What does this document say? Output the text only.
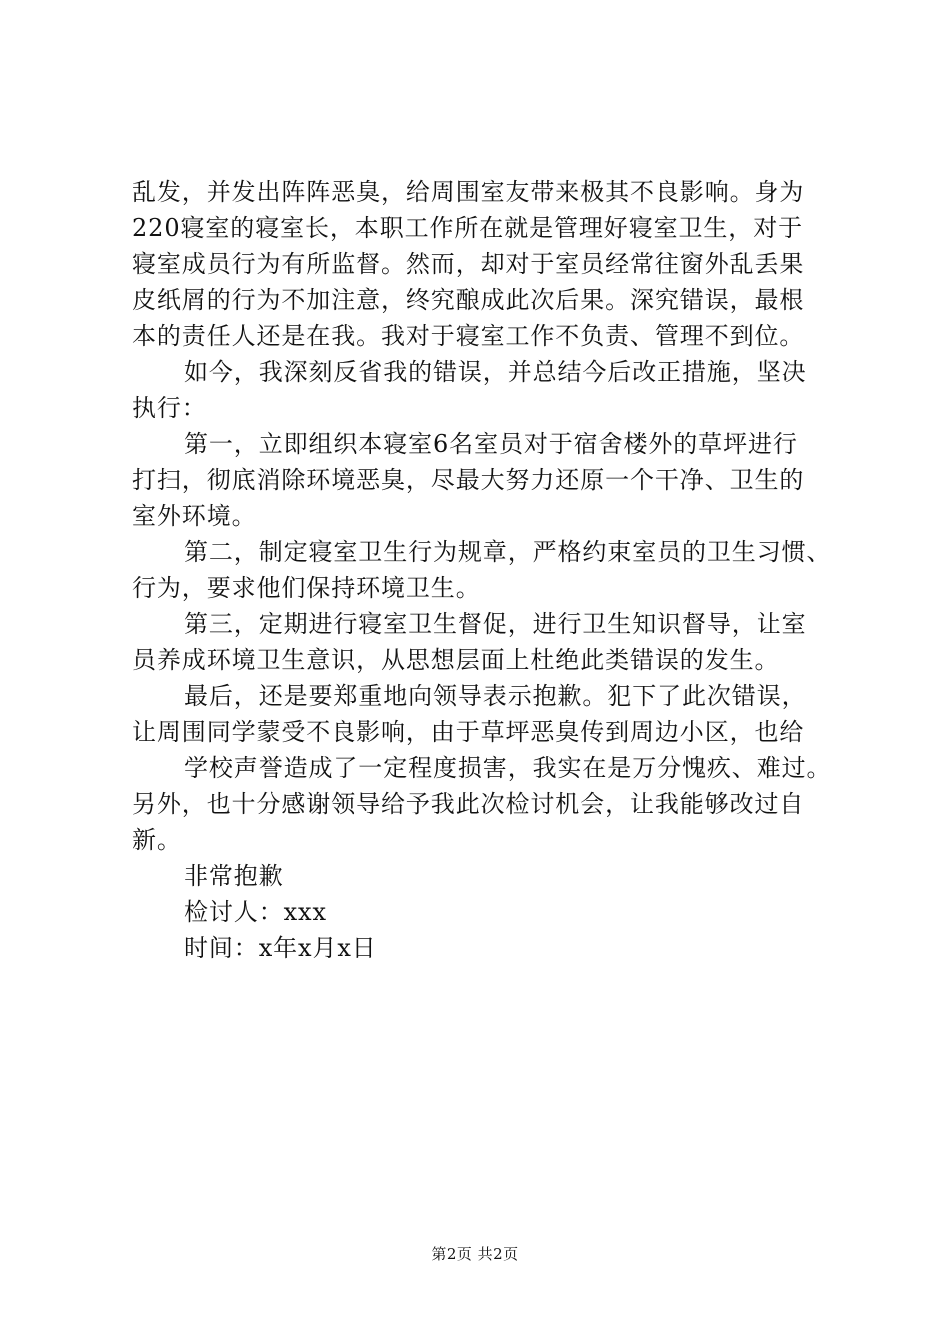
乱发，并发出阵阵恶臭，给周围室友带来极其不良影响。身为
220寝室的寝室长，本职工作所在就是管理好寝室卫生，对于
寝室成员行为有所监督。然而，却对于室员经常往窗外乱丢果
皮纸屑的行为不加注意，终究酿成此次后果。深究错误，最根
本的责任人还是在我。我对于寝室工作不负责、管理不到位。
如今，我深刻反省我的错误，并总结今后改正措施，坚决
执行：
第一，立即组织本寝室6名室员对于宿舍楼外的草坪进行
打扫，彻底消除环境恶臭，尽最大努力还原一个干净、卫生的
室外环境。
第二，制定寝室卫生行为规章，严格约束室员的卫生习惯、
行为，要求他们保持环境卫生。
第三，定期进行寝室卫生督促，进行卫生知识督导，让室
员养成环境卫生意识，从思想层面上杜绝此类错误的发生。
最后，还是要郑重地向领导表示抱歉。犯下了此次错误，
让周围同学蒙受不良影响，由于草坪恶臭传到周边小区，也给
学校声誉造成了一定程度损害，我实在是万分愧疚、难过。
另外，也十分感谢领导给予我此次检讨机会，让我能够改过自
新。
非常抱歉
检讨人：xxx
时间：x年x月x日
第2页 共2页
